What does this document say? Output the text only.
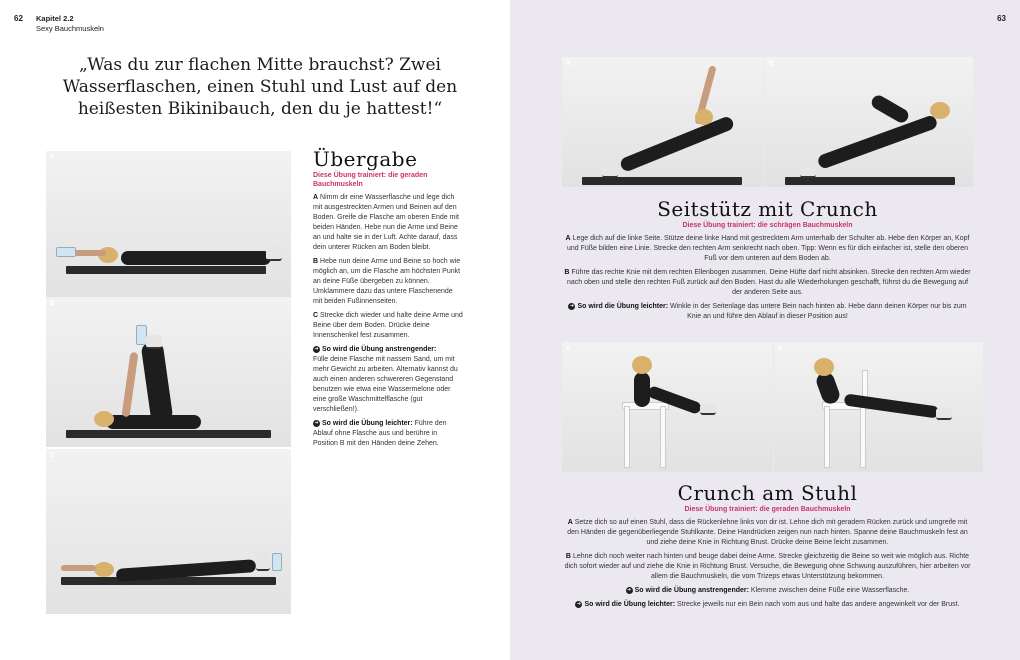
62 Kapitel 2.2
Sexy Bauchmuskeln
„Was du zur flachen Mitte brauchst? Zwei Wasserflaschen, einen Stuhl und Lust auf den heißesten Bikinibauch, den du je hattest!“
A
B
C
Übergabe
Diese Übung trainiert: die geraden Bauchmuskeln

A Nimm dir eine Wasserflasche und lege dich mit ausgestreckten Armen und Beinen auf den Boden. Greife die Flasche am oberen Ende mit beiden Händen. Hebe nun die Arme und Beine an und halte sie in der Luft. Achte darauf, dass dein unterer Rücken am Boden bleibt.

B Hebe nun deine Arme und Beine so hoch wie möglich an, um die Flasche am höchsten Punkt an deine Füße übergeben zu können. Umklammere dazu das untere Flaschenende mit beiden Fußinnenseiten.

C Strecke dich wieder und halte deine Arme und Beine über dem Boden. Drücke deine Innenschenkel fest zusammen.

➜ So wird die Übung anstrengender:
Fülle deine Flasche mit nassem Sand, um mit mehr Gewicht zu arbeiten. Alternativ kannst du auch einen anderen schwereren Gegenstand benutzen wie etwa eine Wassermelone oder eine große Waschmittelflasche (gut verschließen!).

➜ So wird die Übung leichter: Führe den Ablauf ohne Flasche aus und berühre in Position B mit den Händen deine Zehen.

63
A	B
Seitstütz mit Crunch
Diese Übung trainiert: die schrägen Bauchmuskeln

A Lege dich auf die linke Seite. Stütze deine linke Hand mit gestrecktem Arm unterhalb der Schulter ab. Hebe den Körper an, Kopf und Füße bilden eine Linie. Strecke den rechten Arm senkrecht nach oben. Tipp: Wenn es für dich einfacher ist, stelle den oberen Fuß vor dem unteren auf dem Boden ab.

B Führe das rechte Knie mit dem rechten Ellenbogen zusammen. Deine Hüfte darf nicht absinken. Strecke den rechten Arm wieder nach oben und stelle den rechten Fuß zurück auf den Boden. Hast du alle Wiederholungen geschafft, führst du die Bewegung auf der anderen Seite aus.

➜ So wird die Übung leichter: Winkle in der Seitenlage das untere Bein nach hinten ab. Hebe dann deinen Körper nur bis zum Knie an und führe den Ablauf in dieser Position aus!

A	B
Crunch am Stuhl
Diese Übung trainiert: die geraden Bauchmuskeln

A Setze dich so auf einen Stuhl, dass die Rückenlehne links von dir ist. Lehne dich mit geradem Rücken zurück und umgreife mit den Händen die gegenüberliegende Stuhlkante. Deine Handrücken zeigen nun nach hinten. Spanne deine Bauchmuskeln fest an und ziehe deine Knie in Richtung Brust. Drücke deine Beine leicht zusammen.

B Lehne dich noch weiter nach hinten und beuge dabei deine Arme. Strecke gleichzeitig die Beine so weit wie möglich aus. Richte dich sofort wieder auf und ziehe die Knie in Richtung Brust. Versuche, die Bewegung ohne Schwung auszuführen, hier arbeiten vor allem die Bauchmuskeln, die vom Trizeps etwas Unterstützung bekommen.

➜ So wird die Übung anstrengender: Klemme zwischen deine Füße eine Wasserflasche.

➜ So wird die Übung leichter: Strecke jeweils nur ein Bein nach vorn aus und halte das andere angewinkelt vor der Brust.
